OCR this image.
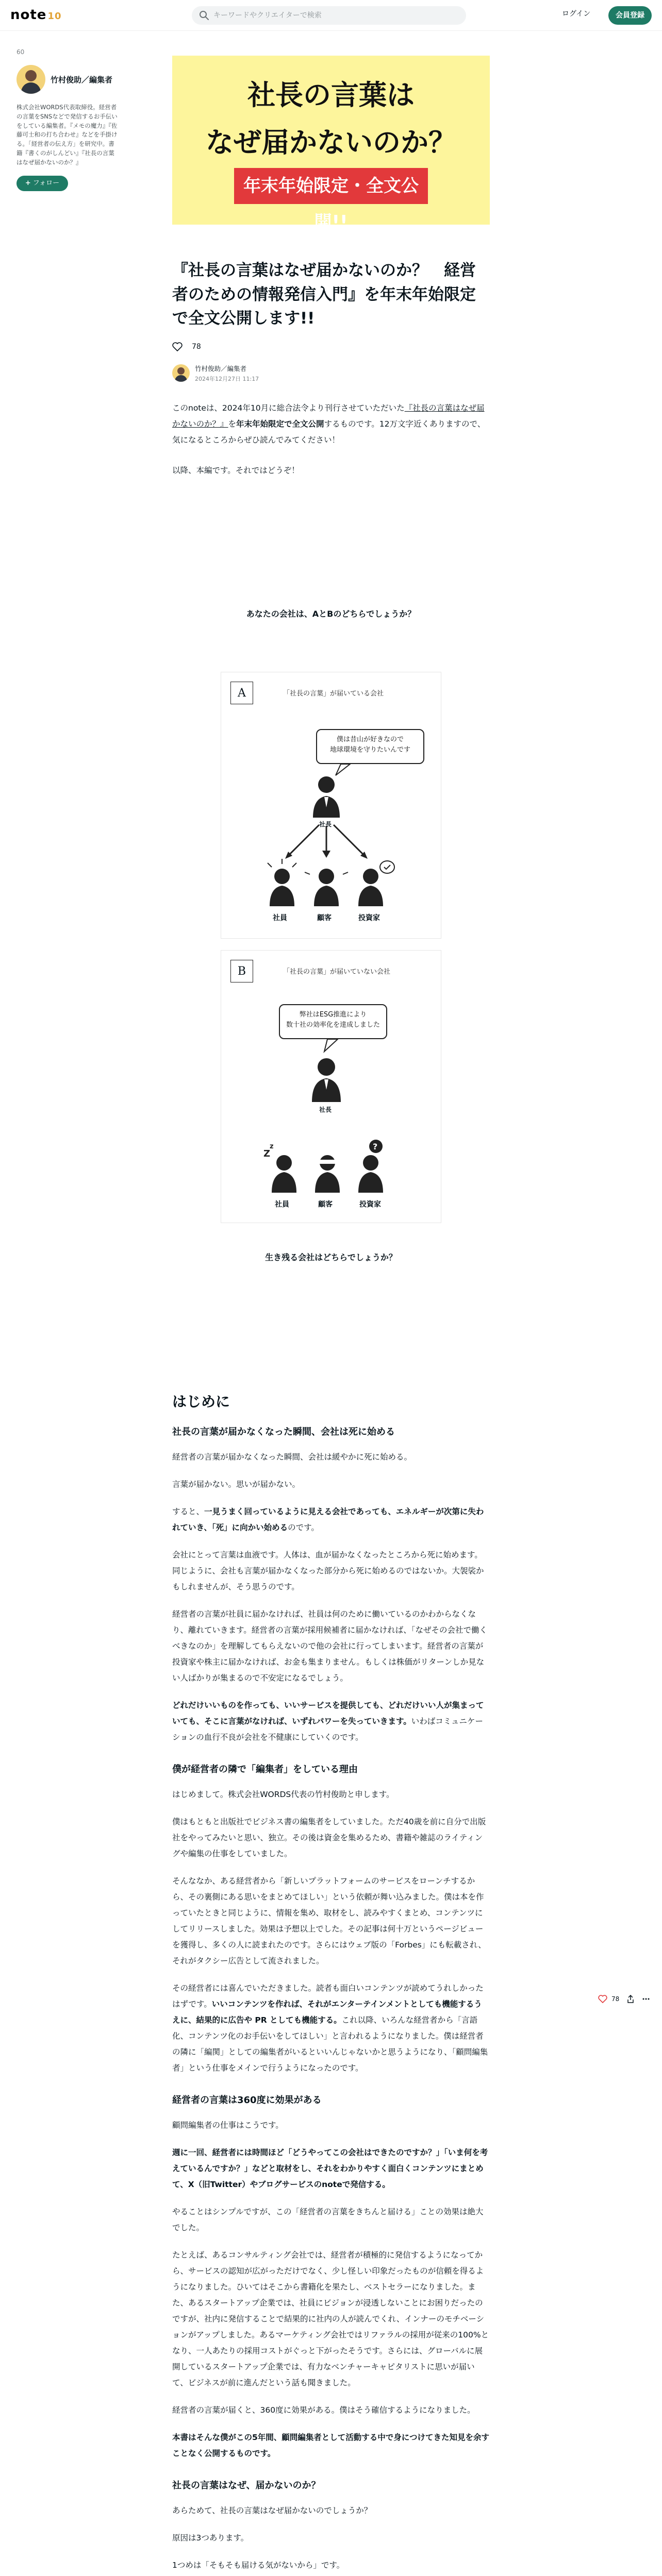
note 10
キーワードやクリエイターで検索	ログイン	会員登録
60
竹村俊助／編集者
株式会社WORDS代表取締役。経営者の言葉をSNSなどで発信するお手伝いをしている編集者。『メモの魔力』『佐藤可士和の打ち合わせ』などを手掛ける。「経営者の伝え方」を研究中。書籍『書くのがしんどい』『社長の言葉はなぜ届かないのか？』
+ フォロー
社長の言葉は
なぜ届かないのか？
年末年始限定・全文公開!!
『社長の言葉はなぜ届かないのか？　経営者のための情報発信入門』を年末年始限定で全文公開します!!
78
竹村俊助／編集者
2024年12月27日 11:17

このnoteは、2024年10月に総合法令より刊行させていただいた『社長の言葉はなぜ届かないのか？』を年末年始限定で全文公開するものです。12万文字近くありますので、気になるところからぜひ読んでみてください！

以降、本編です。それではどうぞ！

あなたの会社は、AとBのどちらでしょうか？
A	「社長の言葉」が届いている会社
僕は昔山が好きなので
地球環境を守りたいんです
社長
社員	顧客	投資家
B	「社長の言葉」が届いていない会社
弊社はESG推進により
数十社の効率化を達成しました
Z
z	?
社長
社員	顧客	投資家
生き残る会社はどちらでしょうか？
はじめに
社長の言葉が届かなくなった瞬間、会社は死に始める

経営者の言葉が届かなくなった瞬間、会社は緩やかに死に始める。

言葉が届かない。思いが届かない。

すると、一見うまく回っているように見える会社であっても、エネルギーが次第に失われていき、「死」に向かい始めるのです。

会社にとって言葉は血液です。人体は、血が届かなくなったところから死に始めます。同じように、会社も言葉が届かなくなった部分から死に始めるのではないか。大袈裟かもしれませんが、そう思うのです。

経営者の言葉が社員に届かなければ、社員は何のために働いているのかわからなくなり、離れていきます。経営者の言葉が採用候補者に届かなければ、「なぜその会社で働くべきなのか」を理解してもらえないので他の会社に行ってしまいます。経営者の言葉が投資家や株主に届かなければ、お金も集まりません。もしくは株価がリターンしか見ない人ばかりが集まるので不安定になるでしょう。

どれだけいいものを作っても、いいサービスを提供しても、どれだけいい人が集まっていても、そこに言葉がなければ、いずれパワーを失っていきます。いわばコミュニケーションの血行不良が会社を不健康にしていくのです。

僕が経営者の隣で「編集者」をしている理由

はじめまして。株式会社WORDS代表の竹村俊助と申します。

僕はもともと出版社でビジネス書の編集者をしていました。ただ40歳を前に自分で出版社をやってみたいと思い、独立。その後は資金を集めるため、書籍や雑誌のライティングや編集の仕事をしていました。

そんななか、ある経営者から「新しいプラットフォームのサービスをローンチするから、その裏側にある思いをまとめてほしい」という依頼が舞い込みました。僕は本を作っていたときと同じように、情報を集め、取材をし、読みやすくまとめ、コンテンツにしてリリースしました。効果は予想以上でした。その記事は何十万というページビューを獲得し、多くの人に読まれたのです。さらにはウェブ版の「Forbes」にも転載され、それがタクシー広告として流されました。

その経営者には喜んでいただきました。読者も面白いコンテンツが読めてうれしかったはずです。いいコンテンツを作れば、それがエンターテインメントとしても機能するうえに、結果的に広告や PR としても機能する。これ以降、いろんな経営者から「言語化、コンテンツ化のお手伝いをしてほしい」と言われるようになりました。僕は経営者の隣に「編関」としての編集者がいるといいんじゃないかと思うようになり、「顧問編集者」という仕事をメインで行うようになったのです。

経営者の言葉は360度に効果がある

顧問編集者の仕事はこうです。

週に一回、経営者には時間ほど「どうやってこの会社はできたのですか？」「いま何を考えているんですか？」などと取材をし、それをわかりやすく面白くコンテンツにまとめて、X（旧Twitter）やブログサービスのnoteで発信する。

やることはシンプルですが、この「経営者の言葉をきちんと届ける」ことの効果は絶大でした。

たとえば、あるコンサルティング会社では、経営者が積極的に発信するようになってから、サービスの認知が広がっただけでなく、少し怪しい印象だったものが信頼を得るようになりました。ひいてはそこから書籍化を果たし、ベストセラーになりました。また、あるスタートアップ企業では、社員にビジョンが浸透しないことにお困りだったのですが、社内に発信することで結果的に社内の人が読んでくれ、インナーのモチベーションがアップしました。あるマーケティング会社ではリファラルの採用が従来の100%となり、一人あたりの採用コストがぐっと下がったそうです。さらには、グローバルに展開しているスタートアップ企業では、有力なベンチャーキャピタリストに思いが届いて、ビジネスが前に進んだという話も聞きました。

経営者の言葉が届くと、360度に効果がある。僕はそう確信するようになりました。

本書はそんな僕がこの5年間、顧問編集者として活動する中で身につけてきた知見を余すことなく公開するものです。

社長の言葉はなぜ、届かないのか？

あらためて、社長の言葉はなぜ届かないのでしょうか？

原因は3つあります。

1つめは「そもそも届ける気がないから」です。

78
